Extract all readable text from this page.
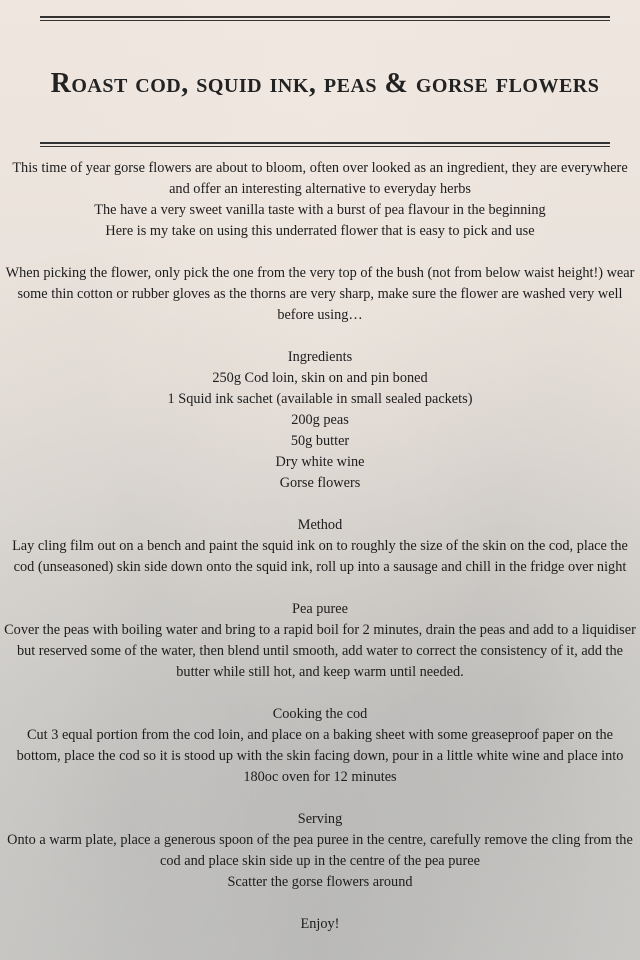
Roast cod, squid ink, peas & gorse flowers

This time of year gorse flowers are about to bloom, often over looked as an ingredient, they are everywhere and offer an interesting alternative to everyday herbs

The have a very sweet vanilla taste with a burst of pea flavour in the beginning

Here is my take on using this underrated flower that is easy to pick and use

When picking the flower, only pick the one from the very top of the bush (not from below waist height!) wear some thin cotton or rubber gloves as the thorns are very sharp, make sure the flower are washed very well before using…

Ingredients

250g Cod loin, skin on and pin boned

1 Squid ink sachet (available in small sealed packets)

200g peas

50g butter

Dry white wine

Gorse flowers

Method

Lay cling film out on a bench and paint the squid ink on to roughly the size of the skin on the cod, place the cod (unseasoned) skin side down onto the squid ink, roll up into a sausage and chill in the fridge over night

Pea puree

Cover the peas with boiling water and bring to a rapid boil for 2 minutes, drain the peas and add to a liquidiser but reserved some of the water, then blend until smooth, add water to correct the consistency of it, add the butter while still hot, and keep warm until needed.

Cooking the cod

Cut 3 equal portion from the cod loin, and place on a baking sheet with some greaseproof paper on the bottom, place the cod so it is stood up with the skin facing down, pour in a little white wine and place into 180oc oven for 12 minutes

Serving

Onto a warm plate, place a generous spoon of the pea puree in the centre, carefully remove the cling from the cod and place skin side up in the centre of the pea puree

Scatter the gorse flowers around

Enjoy!
